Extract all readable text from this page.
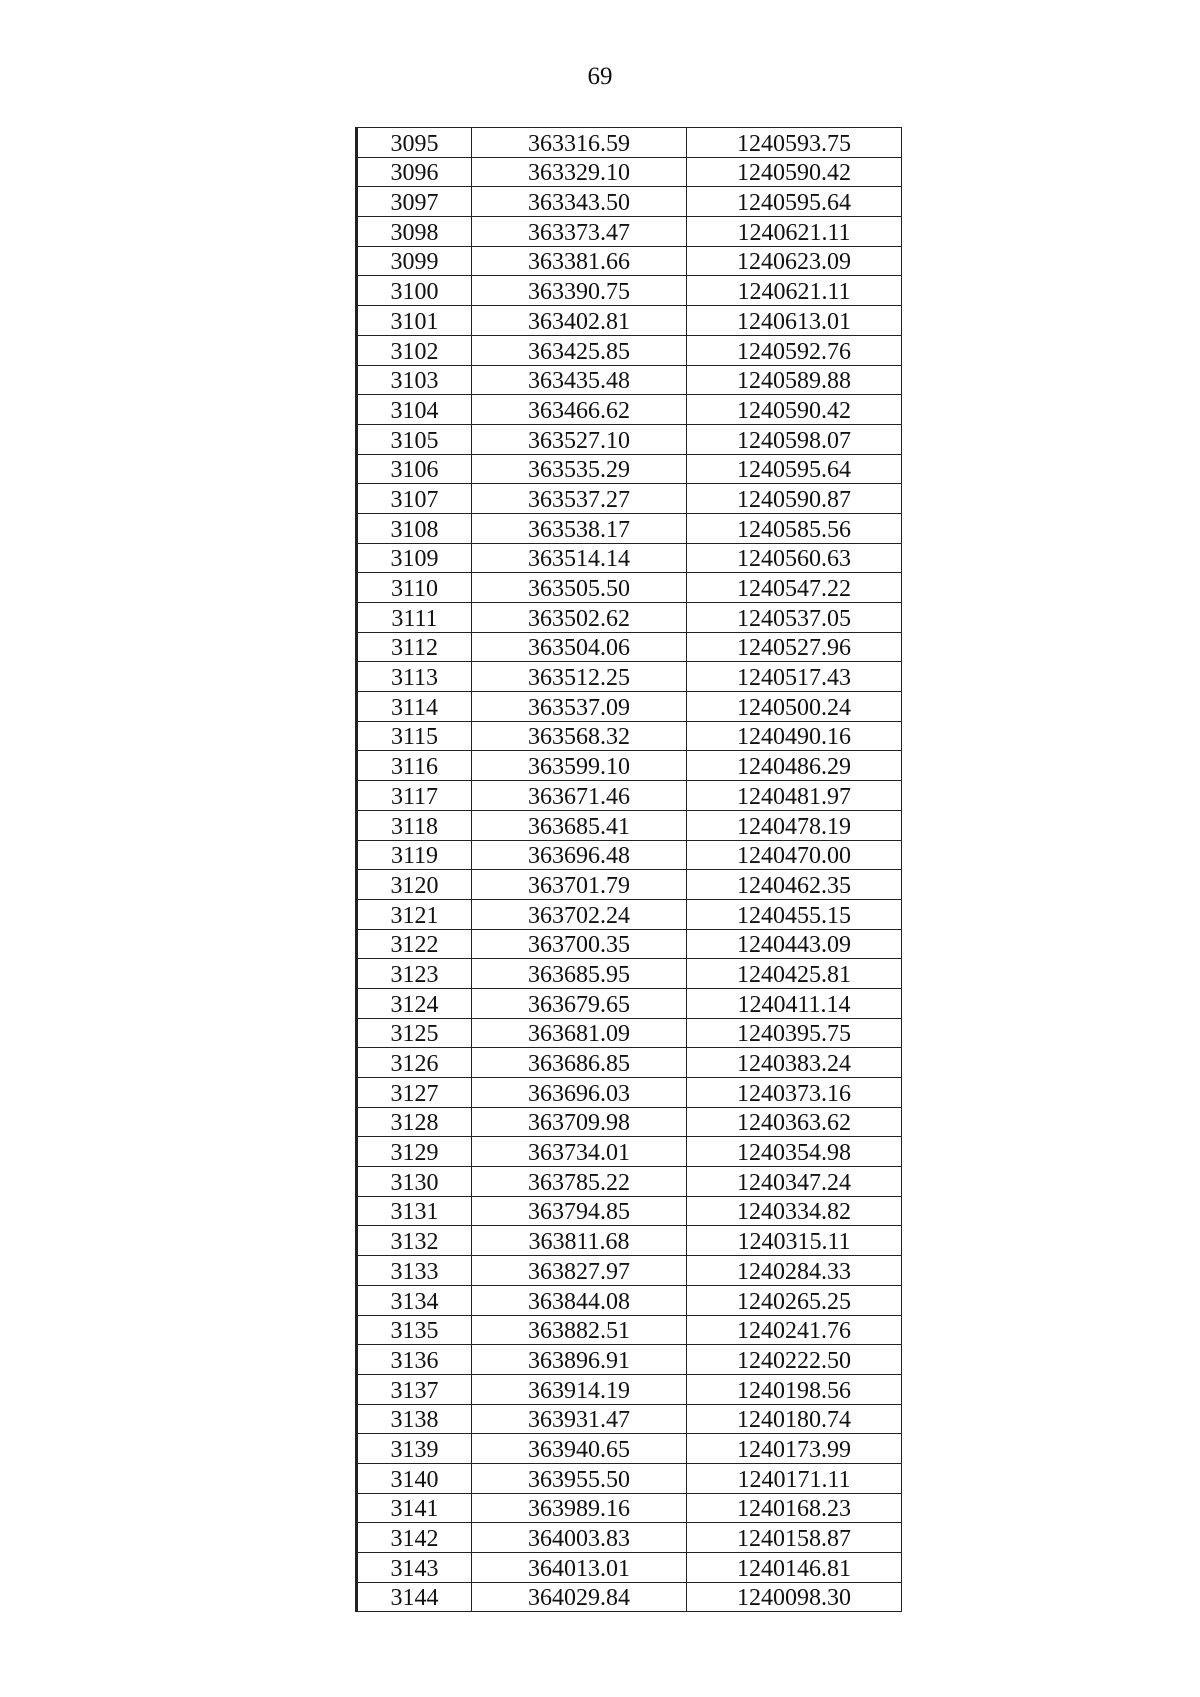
69
3095	363316.59	1240593.75
3096	363329.10	1240590.42
3097	363343.50	1240595.64
3098	363373.47	1240621.11
3099	363381.66	1240623.09
3100	363390.75	1240621.11
3101	363402.81	1240613.01
3102	363425.85	1240592.76
3103	363435.48	1240589.88
3104	363466.62	1240590.42
3105	363527.10	1240598.07
3106	363535.29	1240595.64
3107	363537.27	1240590.87
3108	363538.17	1240585.56
3109	363514.14	1240560.63
3110	363505.50	1240547.22
3111	363502.62	1240537.05
3112	363504.06	1240527.96
3113	363512.25	1240517.43
3114	363537.09	1240500.24
3115	363568.32	1240490.16
3116	363599.10	1240486.29
3117	363671.46	1240481.97
3118	363685.41	1240478.19
3119	363696.48	1240470.00
3120	363701.79	1240462.35
3121	363702.24	1240455.15
3122	363700.35	1240443.09
3123	363685.95	1240425.81
3124	363679.65	1240411.14
3125	363681.09	1240395.75
3126	363686.85	1240383.24
3127	363696.03	1240373.16
3128	363709.98	1240363.62
3129	363734.01	1240354.98
3130	363785.22	1240347.24
3131	363794.85	1240334.82
3132	363811.68	1240315.11
3133	363827.97	1240284.33
3134	363844.08	1240265.25
3135	363882.51	1240241.76
3136	363896.91	1240222.50
3137	363914.19	1240198.56
3138	363931.47	1240180.74
3139	363940.65	1240173.99
3140	363955.50	1240171.11
3141	363989.16	1240168.23
3142	364003.83	1240158.87
3143	364013.01	1240146.81
3144	364029.84	1240098.30
